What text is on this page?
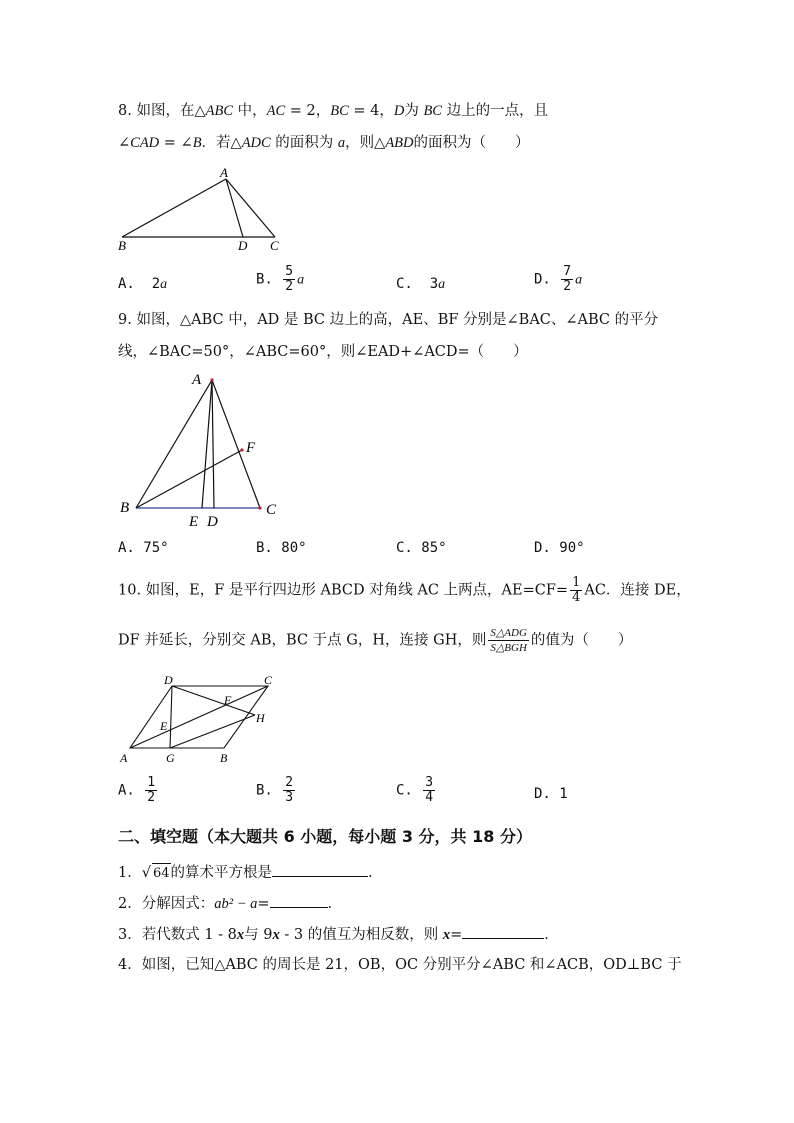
8. 如图，在△ABC 中，AC = 2，BC = 4，D为 BC 边上的一点，且
∠CAD = ∠B．若△ADC 的面积为 a，则△ABD的面积为（　　）
A
B	D C
A. 2a	B. $\frac{5}{2}$ a	C. 3a	D. $\frac{7}{2}$ a
9. 如图，△ABC 中，AD 是 BC 边上的高，AE、BF 分别是∠BAC、∠ABC 的平分
线，∠BAC=50°，∠ABC=60°，则∠EAD+∠ACD=（　　）
A
B	C
F
E D
A. 75°	B. 80°	C. 85°	D. 90°
10. 如图，E，F 是平行四边形 ABCD 对角线 AC 上两点，$AE=CF= \frac{1}{4}$ AC．连接 DE，
DF 并延长，分别交 AB，BC 于点 G，H，连接 GH，则 $\frac{\text{S△ADG}}{\text{S△BGH}}$ 的值为（　　）
D	C
F
H
E
A	G	B
A. $\frac{1}{2}$	B. $\frac{2}{3}$	C. $\frac{3}{4}$	D. 1
二、填空题（本大题共 6 小题，每小题 3 分，共 18 分）
1．√ 64的算术平方根是	．
2．分解因式：ab² − a=	．
3．若代数式 1 - 8x与 9x - 3 的值互为相反数，则 x=	．
4．如图，已知△ABC 的周长是 21，OB，OC 分别平分∠ABC 和∠ACB，OD⊥BC 于
